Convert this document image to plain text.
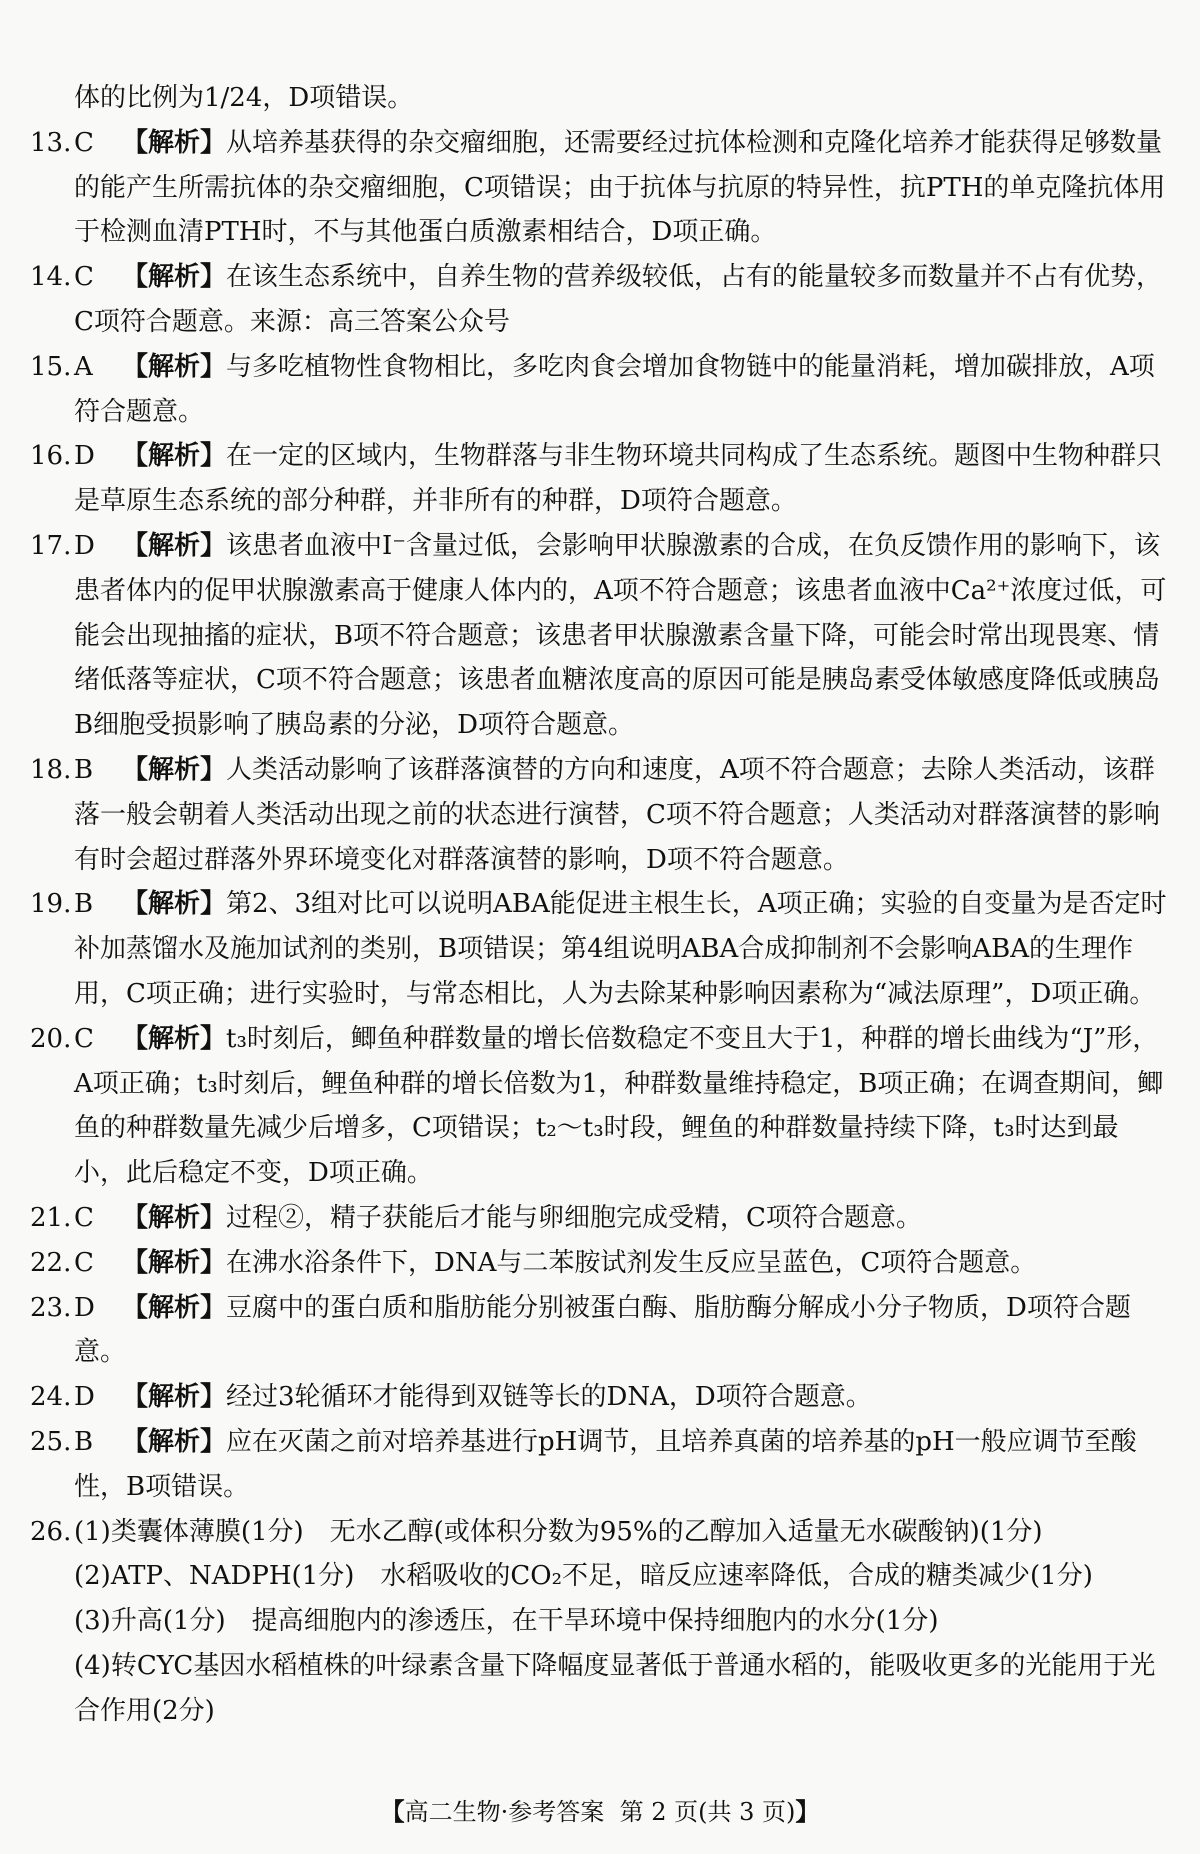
体的比例为1/24，D项错误。

13. C 【解析】从培养基获得的杂交瘤细胞，还需要经过抗体检测和克隆化培养才能获得足够数量的能产生所需抗体的杂交瘤细胞，C项错误；由于抗体与抗原的特异性，抗PTH的单克隆抗体用于检测血清PTH时，不与其他蛋白质激素相结合，D项正确。
14. C 【解析】在该生态系统中，自养生物的营养级较低，占有的能量较多而数量并不占有优势，C项符合题意。来源：高三答案公众号
15. A 【解析】与多吃植物性食物相比，多吃肉食会增加食物链中的能量消耗，增加碳排放，A项符合题意。
16. D 【解析】在一定的区域内，生物群落与非生物环境共同构成了生态系统。题图中生物种群只是草原生态系统的部分种群，并非所有的种群，D项符合题意。
17. D 【解析】该患者血液中I⁻含量过低，会影响甲状腺激素的合成，在负反馈作用的影响下，该患者体内的促甲状腺激素高于健康人体内的，A项不符合题意；该患者血液中Ca²⁺浓度过低，可能会出现抽搐的症状，B项不符合题意；该患者甲状腺激素含量下降，可能会时常出现畏寒、情绪低落等症状，C项不符合题意；该患者血糖浓度高的原因可能是胰岛素受体敏感度降低或胰岛B细胞受损影响了胰岛素的分泌，D项符合题意。
18. B 【解析】人类活动影响了该群落演替的方向和速度，A项不符合题意；去除人类活动，该群落一般会朝着人类活动出现之前的状态进行演替，C项不符合题意；人类活动对群落演替的影响有时会超过群落外界环境变化对群落演替的影响，D项不符合题意。
19. B 【解析】第2、3组对比可以说明ABA能促进主根生长，A项正确；实验的自变量为是否定时补加蒸馏水及施加试剂的类别，B项错误；第4组说明ABA合成抑制剂不会影响ABA的生理作用，C项正确；进行实验时，与常态相比，人为去除某种影响因素称为“减法原理”，D项正确。
20. C 【解析】t₃时刻后，鲫鱼种群数量的增长倍数稳定不变且大于1，种群的增长曲线为“J”形，A项正确；t₃时刻后，鲤鱼种群的增长倍数为1，种群数量维持稳定，B项正确；在调查期间，鲫鱼的种群数量先减少后增多，C项错误；t₂～t₃时段，鲤鱼的种群数量持续下降，t₃时达到最小，此后稳定不变，D项正确。
21. C 【解析】过程②，精子获能后才能与卵细胞完成受精，C项符合题意。
22. C 【解析】在沸水浴条件下，DNA与二苯胺试剂发生反应呈蓝色，C项符合题意。
23. D 【解析】豆腐中的蛋白质和脂肪能分别被蛋白酶、脂肪酶分解成小分子物质，D项符合题意。
24. D 【解析】经过3轮循环才能得到双链等长的DNA，D项符合题意。
25. B 【解析】应在灭菌之前对培养基进行pH调节，且培养真菌的培养基的pH一般应调节至酸性，B项错误。
26. (1)类囊体薄膜(1分) 无水乙醇(或体积分数为95%的乙醇加入适量无水碳酸钠)(1分)
(2)ATP、NADPH(1分) 水稻吸收的CO₂不足，暗反应速率降低，合成的糖类减少(1分)
(3)升高(1分) 提高细胞内的渗透压，在干旱环境中保持细胞内的水分(1分)
(4)转CYC基因水稻植株的叶绿素含量下降幅度显著低于普通水稻的，能吸收更多的光能用于光合作用(2分)
【高二生物·参考答案 第 2 页(共 3 页)】
